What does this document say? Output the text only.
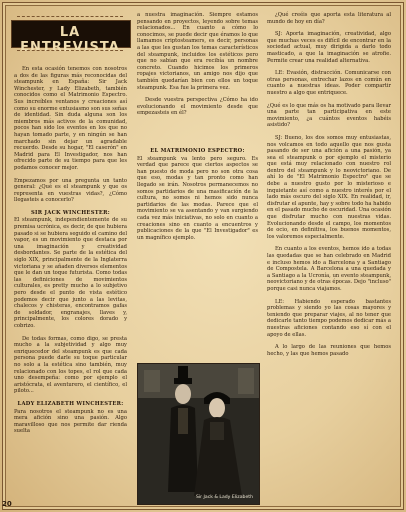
LA ENTREVISTA

En esta ocasión tenemos con nosotros a dos de las figuras más reconocidas del steampunk en España: Sir Jack Winchester, y Lady Elizabeth, también conocidos como el Matrimonio Espectro. Sus increíbles ventanos y creaciones así como su enorme entusiasmo son sus señas de identidad. Sin duda alguna son los miembros más activos de la comunidad, pocos han sido los eventos en los que no hayan tomado parte, y en ningún se han marchado sin dejar un agradable recuerdo. Desde su hogar, "El caserón" en Madrid para El Investigador, nos han ofrecido parte de su tiempo para que les podamos conocer mejor.

Empezamos por una pregunta un tanto general: ¿Qué es el steampunk y que os representa en vuestras vidas?, ¿Cómo llegasteis a conocerlo?

SIR JACK WINCHESTER:

El steampunk, independientemente de su premisa ucrónica, es decir, de que hubiera pasado si se hubiera seguido el camino del vapor, es un movimiento que destaca por una imaginación y creatividad desbordantes. Se parte de la estética del siglo XIX, principalmente de la Inglaterra victoriana y se añaden diversos elementos que le dan un toque futurista. Como todas las definiciones de movimientos culturales, es pretty mucho a lo subjetivo pero desde el punto de vista estético podemos decir que junto a las levitas, chalecos y chisteras, encontramos gafas de soldador, engranajes, llaves y, principalmente, los colores dorado y cobrizo.

De todas formas, como digo, se presta mucho a la subjetividad y algo muy enriquecedor del steampunk es que cada persona puede darle su toque particular no solo a la estética sino también, muy relacionado con los topes, el rol que cada uno desempeña: como por ejemplo el aristócrata, el aventurero, el científico, el piloto...

LADY ELIZABETH WINCHESTER:

Para nosotros el steampunk no es una mera afición sino una pasión. Algo maravilloso que nos permite dar rienda suelta

a nuestra imaginación. Siempre estamos pensando en proyectos, leyendo sobre temas relacionados... En cuanto a cómo lo conocimos, se puede decir que éramos lo que llamamos criptosteamers, es decir, personas a las que les gustan los temas característicos del steampunk, incluidos los estéticos pero que no sabían que era recibía un nombre concreto. Cuando hicimos los primeros ropajes victorianos, un amigo nos dijo que también quedarían bien con ellos un toque steampunk. Esa fue la primera vez.

Desde vuestra perspectiva ¿Cómo ha ido evolucionando el movimiento desde que empezasteis en él?

EL MATRIMONIO ESPECTRO:

El steampunk va lento pero seguro. Es verdad que parece que ciertos aspectos se han puesto de moda pero no son otra cosa que eso, modas y tan pronto como han llegado se irán. Nosotros permanecemos no somos partidarios de una masificación de la cultura, no somos ni hemos sido nunca partidarios de las modas. Parece que el movimiento se va asentando y van surgiendo cada vez más iniciativas, no solo en cuanto a creaciones sino en cuanto a encuentros y publicaciones de la que "El Investigador" es un magnífico ejemplo.

Sir Jack & Lady Elizabeth

¿Qué creéis que aporta esta literatura al mundo de hoy en día?

SJ: Aporta imaginación, creatividad, algo que muchas veces es difícil de encontrar en la sociedad actual, muy dirigida a darlo todo masticado, a que la imaginación se atrofie. Permite crear una realidad alternativa.

LE: Evasión, distracción. Comunicarse con otras personas, entrechar lazos en común en cuanto a nuestras ideas. Poder compartir nuestro a algo que entriquece.

¿Qué es lo que más os ha motivado para llevar una parte tan participativa en este movimiento, ¿a cuántos eventos habéis asistido?

SJ: Bueno, los dos somos muy entusiastas, nos volcamos en todo aquello que nos gusta pasando de ser una afición a una pasión, ya sea el steampunk o por ejemplo el misterio que está muy relacionado con nuestro rol dentro del steampunk y lo neovictoriano. De ahí lo de "El Matrimonio Espectro" que se debe a nuestro gusto por lo misterioso e inquietante así como a nuestro interés por el lado más oscuro del siglo XIX. En realidad, ir, disfrutar el apunte, hay y sobre todo ha habido en el pasado mucho de oscuridad. Una ocasión que disfrutar mucho con nuestras vidas. Evolucionando desde el campo, los momentos de ocio, en definitiva, los buenos momentos, los valoremos especialmente.

En cuanto a los eventos, hemos ido a todas las quedadas que se han celebrado en Madrid e incluso hemos ido a Barcelona y a Santiago de Compostela. A Barcelona a una quedada y a Santiago a la Ucronía, un evento steampunk, neovictoriano y de otras épocas. Dejo "incluso" porque casi nunca viajamos.

LE: Habiendo esperado bastantes problemas y siendo yo las cosas mayores y teniendo que preparar viajes, al no tener que dedicarle tanto tiempo podemos dedicar más a nuestras aficiones contando eso sí con el apoyo de ellas.

A lo largo de las reuniones que hemos hecho, y las que hemos pasado

20
